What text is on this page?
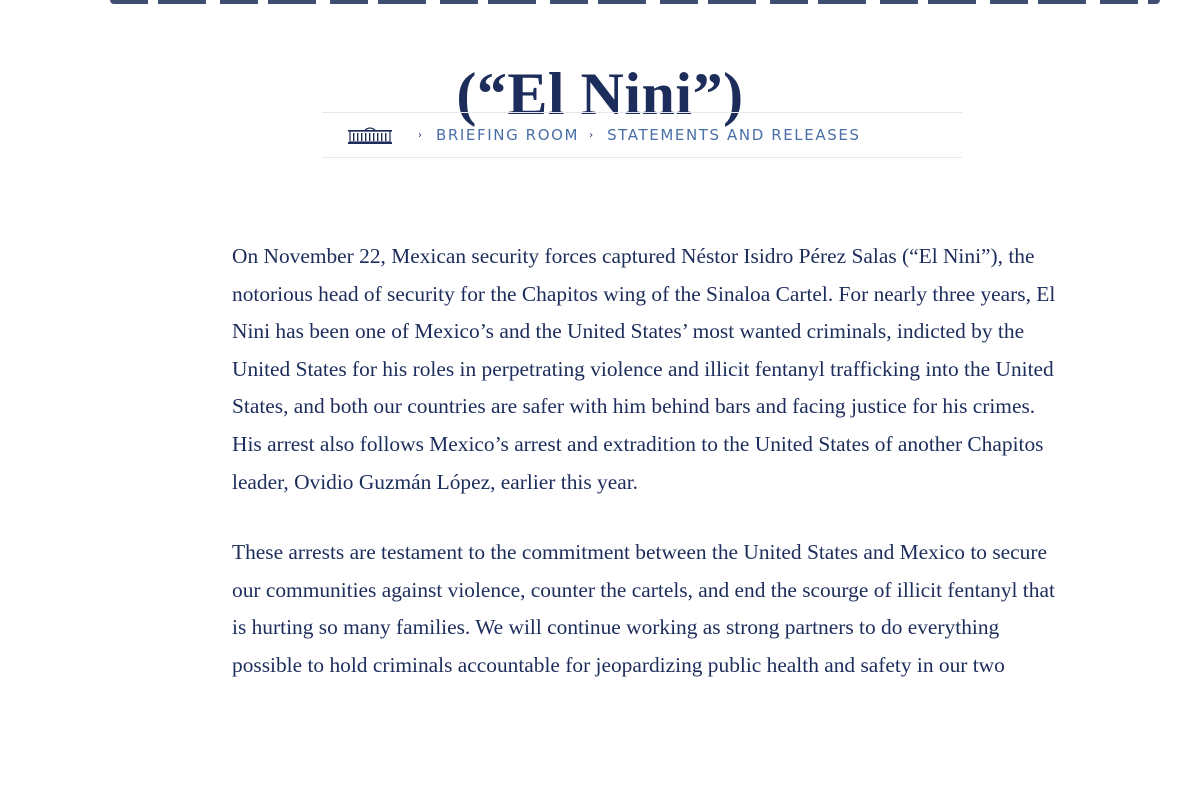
(“El Nini”)
› BRIEFING ROOM › STATEMENTS AND RELEASES

On November 22, Mexican security forces captured Néstor Isidro Pérez Salas (“El Nini”), the notorious head of security for the Chapitos wing of the Sinaloa Cartel. For nearly three years, El Nini has been one of Mexico’s and the United States’ most wanted criminals, indicted by the United States for his roles in perpetrating violence and illicit fentanyl trafficking into the United States, and both our countries are safer with him behind bars and facing justice for his crimes. His arrest also follows Mexico’s arrest and extradition to the United States of another Chapitos leader, Ovidio Guzmán López, earlier this year.

These arrests are testament to the commitment between the United States and Mexico to secure our communities against violence, counter the cartels, and end the scourge of illicit fentanyl that is hurting so many families. We will continue working as strong partners to do everything possible to hold criminals accountable for jeopardizing public health and safety in our two
